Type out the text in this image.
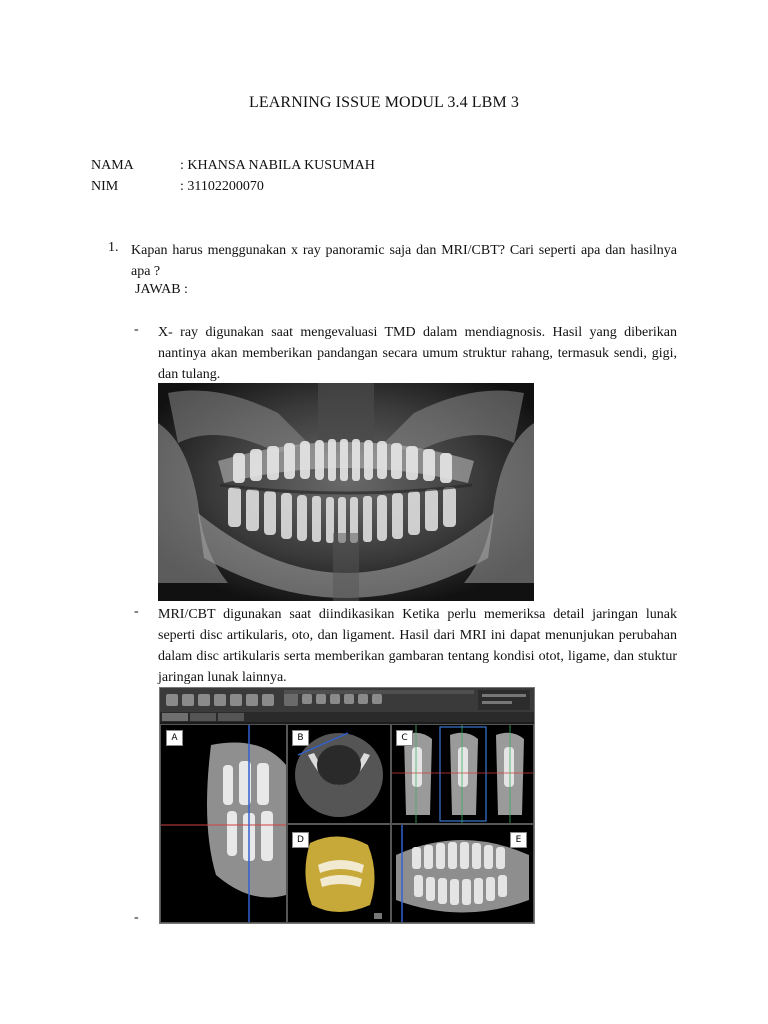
LEARNING ISSUE MODUL 3.4 LBM 3
NAMA	: KHANSA NABILA KUSUMAH
NIM	: 31102200070
1. Kapan harus menggunakan x ray panoramic saja dan MRI/CBT? Cari seperti apa dan hasilnya apa ?
JAWAB :
- X- ray digunakan saat mengevaluasi TMD dalam mendiagnosis. Hasil yang diberikan nantinya akan memberikan pandangan secara umum struktur rahang, termasuk sendi, gigi, dan tulang.
- MRI/CBT digunakan saat diindikasikan Ketika perlu memeriksa detail jaringan lunak seperti disc artikularis, oto, dan ligament. Hasil dari MRI ini dapat menunjukan perubahan dalam disc artikularis serta memberikan gambaran tentang kondisi otot, ligame, dan stuktur jaringan lunak lainnya.
A	B	C
D	E
-
